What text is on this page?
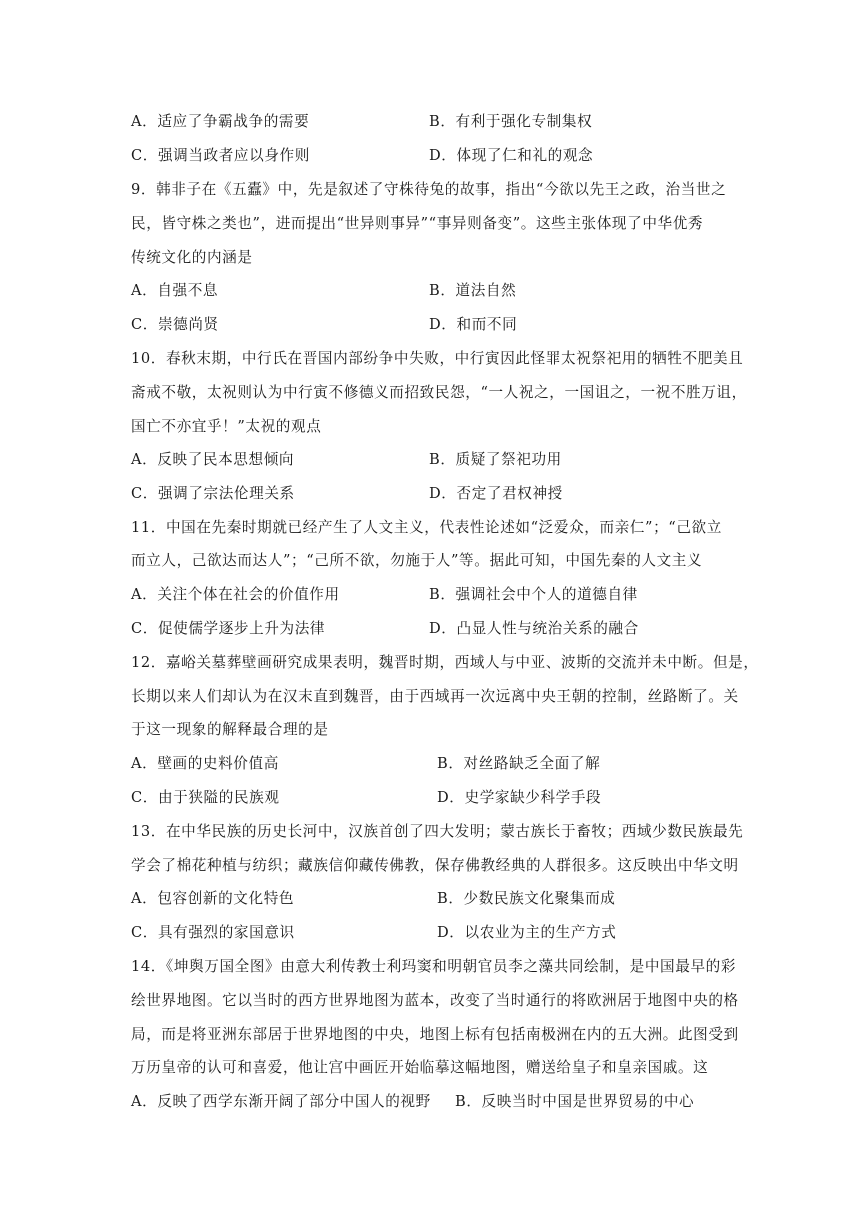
A．适应了争霸战争的需要	B．有利于强化专制集权
C．强调当政者应以身作则	D．体现了仁和礼的观念
9．韩非子在《五蠹》中，先是叙述了守株待兔的故事，指出“今欲以先王之政，治当世之
民，皆守株之类也”，进而提出“世异则事异”“事异则备变”。这些主张体现了中华优秀
传统文化的内涵是
A．自强不息	B．道法自然
C．崇德尚贤	D．和而不同
10．春秋末期，中行氏在晋国内部纷争中失败，中行寅因此怪罪太祝祭祀用的牺牲不肥美且
斋戒不敬，太祝则认为中行寅不修德义而招致民怨，“一人祝之，一国诅之，一祝不胜万诅，
国亡不亦宜乎！”太祝的观点
A．反映了民本思想倾向	B．质疑了祭祀功用
C．强调了宗法伦理关系	D．否定了君权神授
11．中国在先秦时期就已经产生了人文主义，代表性论述如“泛爱众，而亲仁”；“己欲立
而立人，己欲达而达人”；“己所不欲，勿施于人”等。据此可知，中国先秦的人文主义
A．关注个体在社会的价值作用	B．强调社会中个人的道德自律
C．促使儒学逐步上升为法律	D．凸显人性与统治关系的融合
12．嘉峪关墓葬壁画研究成果表明，魏晋时期，西域人与中亚、波斯的交流并未中断。但是，
长期以来人们却认为在汉末直到魏晋，由于西域再一次远离中央王朝的控制，丝路断了。关
于这一现象的解释最合理的是
A．壁画的史料价值高	B．对丝路缺乏全面了解
C．由于狭隘的民族观	D．史学家缺少科学手段
13．在中华民族的历史长河中，汉族首创了四大发明；蒙古族长于畜牧；西域少数民族最先
学会了棉花种植与纺织；藏族信仰藏传佛教，保存佛教经典的人群很多。这反映出中华文明
A．包容创新的文化特色	B．少数民族文化聚集而成
C．具有强烈的家国意识	D．以农业为主的生产方式
14．《坤舆万国全图》由意大利传教士利玛窦和明朝官员李之藻共同绘制，是中国最早的彩
绘世界地图。它以当时的西方世界地图为蓝本，改变了当时通行的将欧洲居于地图中央的格
局，而是将亚洲东部居于世界地图的中央，地图上标有包括南极洲在内的五大洲。此图受到
万历皇帝的认可和喜爱，他让宫中画匠开始临摹这幅地图，赠送给皇子和皇亲国戚。这
A．反映了西学东渐开阔了部分中国人的视野 B．反映当时中国是世界贸易的中心
